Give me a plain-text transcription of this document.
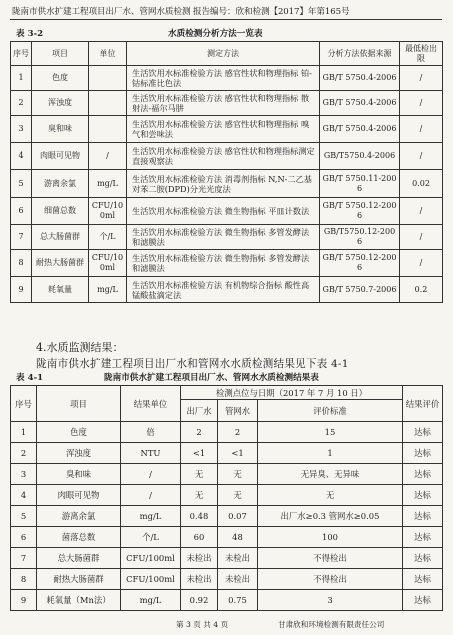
陇南市供水扩建工程项目出厂水、管网水质检测 报告编号：欣和检测【2017】年第165号
表 3-2	水质检测分析方法一览表
序号	项目	单位	测定方法	分析方法依据来源	最低检出限
1	色度		生活饮用水标准检验方法 感官性状和物理指标 铂-钴标准比色法	GB/T 5750.4-2006	/
2	浑浊度		生活饮用水标准检验方法 感官性状和物理指标 散射法-福尔马肼	GB/T 5750.4-2006	/
3	臭和味		生活饮用水标准检验方法 感官性状和物理指标 嗅气和尝味法	GB/T 5750.4-2006	/
4	肉眼可见物	/	生活饮用水标准检验方法 感官性状和物理指标测定 直接观察法	GB/T5750.4-2006	/
5	游离余氯	mg/L	生活饮用水标准检验方法 消毒剂指标 N,N-二乙基对苯二胺(DPD)分光光度法	GB/T 5750.11-2006	0.02
6	细菌总数	CFU/100ml	生活饮用水标准检验方法 微生物指标 平皿计数法	GB/T 5750.12-2006	/
7	总大肠菌群	个/L	生活饮用水标准检验方法 微生物指标 多管发酵法和滤膜法	GB/T5750.12-2006	/
8	耐热大肠菌群	CFU/100ml	生活饮用水标准检验方法 微生物指标 多管发酵法和滤膜法	GB/T 5750.12-2006	/
9	耗氧量	mg/L	生活饮用水标准检验方法 有机物综合指标 酸性高锰酸盐滴定法	GB/T 5750.7-2006	0.2
4.水质监测结果：
陇南市供水扩建工程项目出厂水和管网水水质检测结果见下表 4-1
表 4-1	陇南市供水扩建工程项目出厂水、管网水水质检测结果表
序号	项目	结果单位	检测点位与日期（2017 年 7 月 10 日）			结果评价
			出厂水	管网水	评价标准	
1	色度	倍	2	2	15	达标
2	浑浊度	NTU	<1	<1	1	达标
3	臭和味	/	无	无	无异臭、无异味	达标
4	肉眼可见物	/	无	无	无	达标
5	游离余氯	mg/L	0.48	0.07	出厂水≥0.3 管网水≥0.05	达标
6	菌落总数	个/L	60	48	100	达标
7	总大肠菌群	CFU/100ml	未检出	未检出	不得检出	达标
8	耐热大肠菌群	CFU/100ml	未检出	未检出	不得检出	达标
9	耗氧量（Mn法）	mg/L	0.92	0.75	3	达标
第 3 页 共 4 页	甘肃欣和环境检测有限责任公司
